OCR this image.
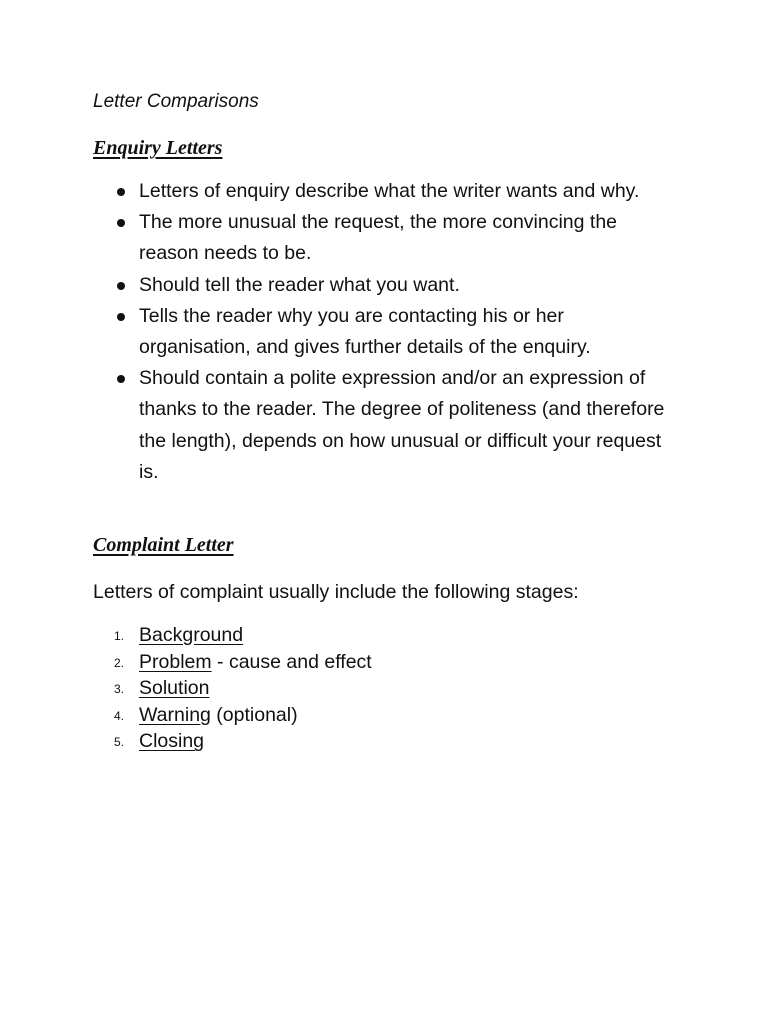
Letter Comparisons
Enquiry Letters
Letters of enquiry describe what the writer wants and why.
The more unusual the request, the more convincing the reason needs to be.
Should tell the reader what you want.
Tells the reader why you are contacting his or her organisation, and gives further details of the enquiry.
Should contain a polite expression and/or an expression of thanks to the reader. The degree of politeness (and therefore the length), depends on how unusual or difficult your request is.
Complaint Letter

Letters of complaint usually include the following stages:

1. Background
2. Problem - cause and effect
3. Solution
4. Warning (optional)
5. Closing
